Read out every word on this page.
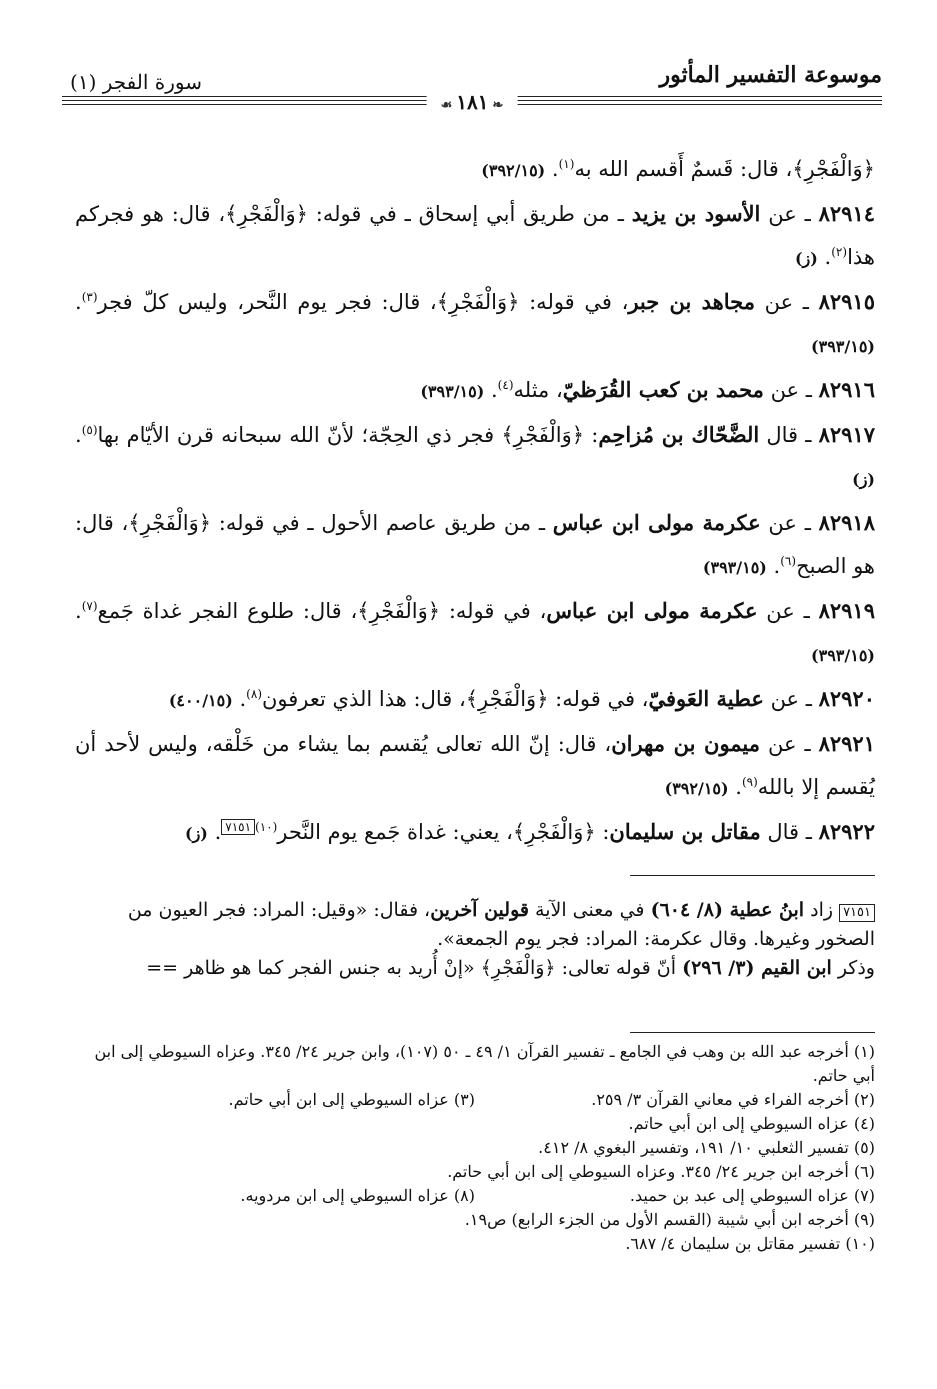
موسوعة التفسير المأثور
سورة الفجر (١)
❧١٨١☙

﴿وَالْفَجْرِ﴾، قال: قَسمٌ أَقسم الله به$^{(١)}$. (٣٩٢/١٥)

٨٢٩١٤ ـ عن الأسود بن يزيد ـ من طريق أبي إسحاق ـ في قوله: ﴿وَالْفَجْرِ﴾، قال: هو فجركم هذا$^{(٢)}$. (ز)

٨٢٩١٥ ـ عن مجاهد بن جبر، في قوله: ﴿وَالْفَجْرِ﴾، قال: فجر يوم النَّحر، وليس كلّ فجر$^{(٣)}$. (٣٩٣/١٥)

٨٢٩١٦ ـ عن محمد بن كعب القُرَظيّ، مثله$^{(٤)}$. (٣٩٣/١٥)

٨٢٩١٧ ـ قال الضَّحّاك بن مُزاحِم: ﴿وَالْفَجْرِ﴾ فجر ذي الحِجّة؛ لأنّ الله سبحانه قرن الأيّام بها$^{(٥)}$. (ز)

٨٢٩١٨ ـ عن عكرمة مولى ابن عباس ـ من طريق عاصم الأحول ـ في قوله: ﴿وَالْفَجْرِ﴾، قال: هو الصبح$^{(٦)}$. (٣٩٣/١٥)

٨٢٩١٩ ـ عن عكرمة مولى ابن عباس، في قوله: ﴿وَالْفَجْرِ﴾، قال: طلوع الفجر غداة جَمع$^{(٧)}$. (٣٩٣/١٥)

٨٢٩٢٠ ـ عن عطية العَوفيّ، في قوله: ﴿وَالْفَجْرِ﴾، قال: هذا الذي تعرفون$^{(٨)}$. (٤٠٠/١٥)

٨٢٩٢١ ـ عن ميمون بن مهران، قال: إنّ الله تعالى يُقسم بما يشاء من خَلْقه، وليس لأحد أن يُقسم إلا بالله$^{(٩)}$. (٣٩٢/١٥)

٨٢٩٢٢ ـ قال مقاتل بن سليمان: ﴿وَالْفَجْرِ﴾، يعني: غداة جَمع يوم النَّحر$^{(١٠)}$٧١٥١. (ز)

٧١٥١ زاد ابنُ عطية (٨/ ٦٠٤) في معنى الآية قولين آخرين، فقال: «وقيل: المراد: فجر العيون من الصخور وغيرها. وقال عكرمة: المراد: فجر يوم الجمعة».
وذكر ابن القيم (٣/ ٢٩٦) أنّ قوله تعالى: ﴿وَالْفَجْرِ﴾ «إنْ أُريد به جنس الفجر كما هو ظاهر ==

(١) أخرجه عبد الله بن وهب في الجامع ـ تفسير القرآن ١/ ٤٩ ـ ٥٠ (١٠٧)، وابن جرير ٢٤/ ٣٤٥. وعزاه السيوطي إلى ابن أبي حاتم.

(٢) أخرجه الفراء في معاني القرآن ٣/ ٢٥٩.

(٣) عزاه السيوطي إلى ابن أبي حاتم.

(٤) عزاه السيوطي إلى ابن أبي حاتم.

(٥) تفسير الثعلبي ١٠/ ١٩١، وتفسير البغوي ٨/ ٤١٢.

(٦) أخرجه ابن جرير ٢٤/ ٣٤٥. وعزاه السيوطي إلى ابن أبي حاتم.

(٧) عزاه السيوطي إلى عبد بن حميد.

(٨) عزاه السيوطي إلى ابن مردويه.

(٩) أخرجه ابن أبي شيبة (القسم الأول من الجزء الرابع) ص١٩.

(١٠) تفسير مقاتل بن سليمان ٤/ ٦٨٧.
